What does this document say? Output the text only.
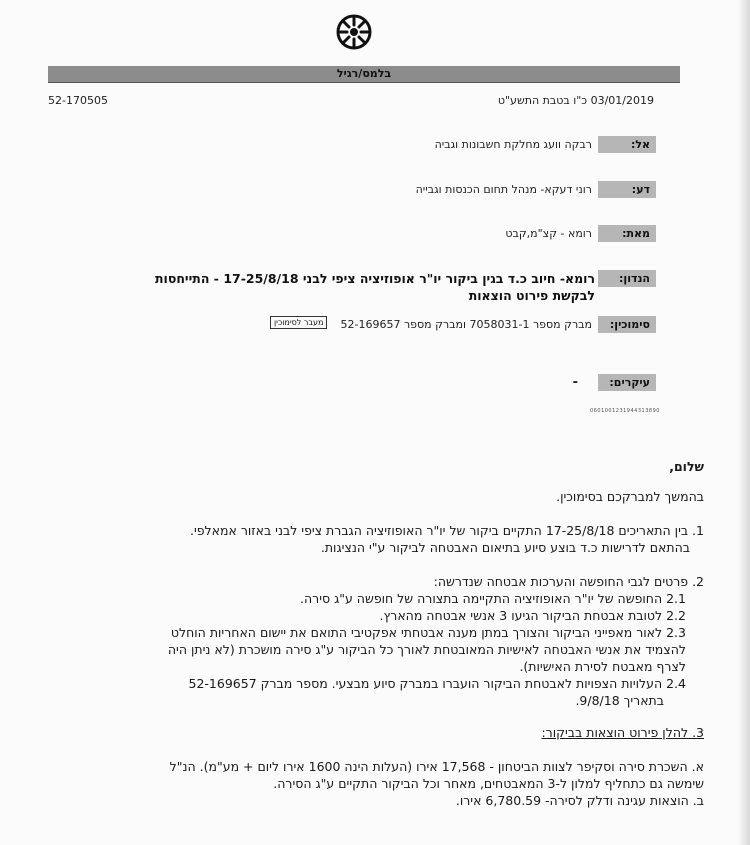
בלמס/רגיל
52-170505	03/01/2019 כ"ו בטבת התשע"ט
אל:
רבקה וועג מחלקת חשבונות וגביה
דע:
רוני דעקא- מנהל תחום הכנסות וגבייה
מאת:
רומא - קצ"מ,קבט
הנדון:
רומא- חיוב כ.ד בגין ביקור יו"ר אופוזיציה ציפי לבני 17-25/8/18 - התייחסות
לבקשת פירוט הוצאות
סימוכין:
מברק מספר 7058031-1 ומברק מספר 52-169657
מעבר לסימוכין
עיקרים:
-
0601001231944313890
שלום,
בהמשך למברקכם בסימוכין.
1. בין התאריכים 17-25/8/18 התקיים ביקור של יו"ר האופוזיציה הגברת ציפי לבני באזור אמאלפי.
בהתאם לדרישות כ.ד בוצע סיוע בתיאום האבטחה לביקור ע"י הנציגות.
2. פרטים לגבי החופשה והערכות אבטחה שנדרשה:
2.1 החופשה של יו"ר האופוזיציה התקיימה בתצורה של חופשה ע"ג סירה.
2.2 לטובת אבטחת הביקור הגיעו 3 אנשי אבטחה מהארץ.
2.3 לאור מאפייני הביקור והצורך במתן מענה אבטחתי אפקטיבי התואם את יישום האחריות הוחלט
להצמיד את אנשי האבטחה לאישיות המאובטחת לאורך כל הביקור ע"ג סירה מושכרת (לא ניתן היה
לצרף מאבטח לסירת האישיות).
2.4 העלויות הצפויות לאבטחת הביקור הועברו במברק סיוע מבצעי. מספר מברק 52-169657
בתאריך 9/8/18.
3. להלן פירוט הוצאות בביקור:
א. השכרת סירה וסקיפר לצוות הביטחון - 17,568 אירו (העלות הינה 1600 אירו ליום + מע"מ). הנ"ל
שימשה גם כתחליף למלון ל-3 המאבטחים, מאחר וכל הביקור התקיים ע"ג הסירה.
ב. הוצאות עגינה ודלק לסירה- 6,780.59 אירו.
